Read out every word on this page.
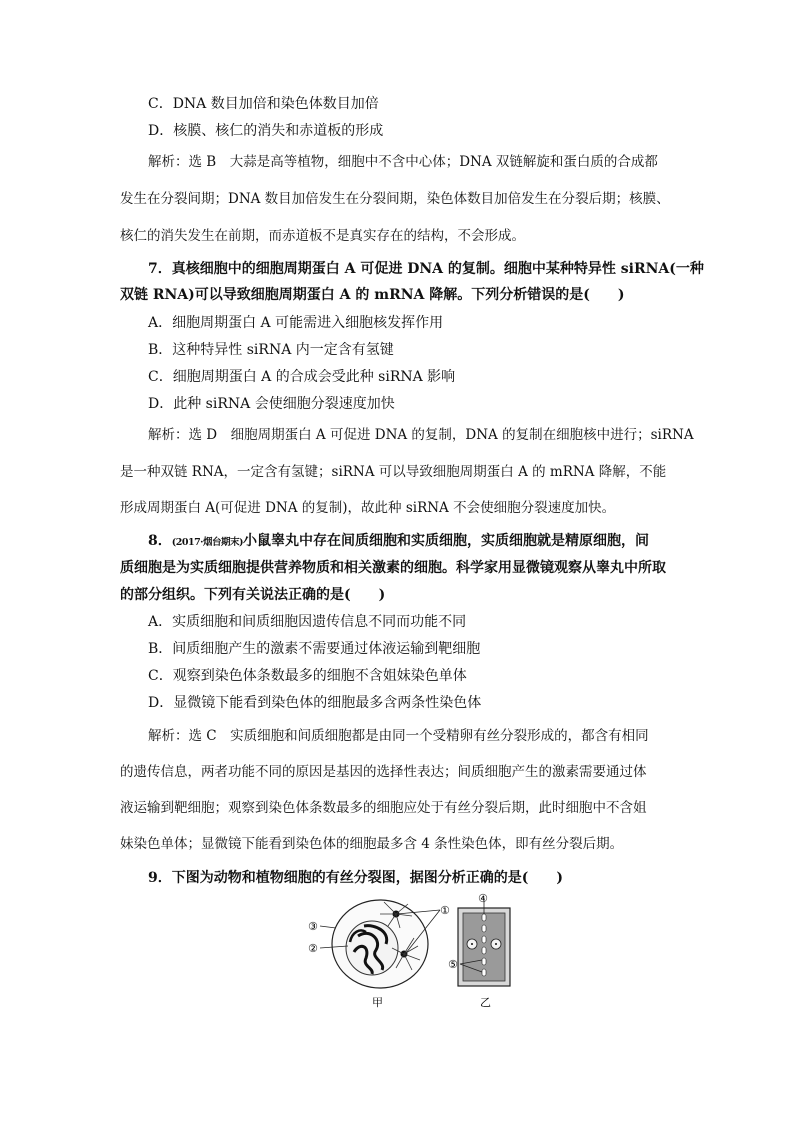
C．DNA 数目加倍和染色体数目加倍
D．核膜、核仁的消失和赤道板的形成
解析：选 B　 大蒜是高等植物，细胞中不含中心体；DNA 双链解旋和蛋白质的合成都
发生在分裂间期；DNA 数目加倍发生在分裂间期，染色体数目加倍发生在分裂后期；核膜、
核仁的消失发生在前期，而赤道板不是真实存在的结构，不会形成。
7．真核细胞中的细胞周期蛋白 A 可促进 DNA 的复制。细胞中某种特异性 siRNA(一种
双链 RNA)可以导致细胞周期蛋白 A 的 mRNA 降解。下列分析错误的是(　　)
A．细胞周期蛋白 A 可能需进入细胞核发挥作用
B．这种特异性 siRNA 内一定含有氢键
C．细胞周期蛋白 A 的合成会受此种 siRNA 影响
D．此种 siRNA 会使细胞分裂速度加快
解析：选 D　 细胞周期蛋白 A 可促进 DNA 的复制，DNA 的复制在细胞核中进行；siRNA
是一种双链 RNA，一定含有氢键；siRNA 可以导致细胞周期蛋白 A 的 mRNA 降解，不能
形成周期蛋白 A(可促进 DNA 的复制)，故此种 siRNA 不会使细胞分裂速度加快。
8．(2017·烟台期末)小鼠睾丸中存在间质细胞和实质细胞，实质细胞就是精原细胞，间
质细胞是为实质细胞提供营养物质和相关激素的细胞。科学家用显微镜观察从睾丸中所取
的部分组织。下列有关说法正确的是(　　)
A．实质细胞和间质细胞因遗传信息不同而功能不同
B．间质细胞产生的激素不需要通过体液运输到靶细胞
C．观察到染色体条数最多的细胞不含姐妹染色单体
D．显微镜下能看到染色体的细胞最多含两条性染色体
解析：选 C　 实质细胞和间质细胞都是由同一个受精卵有丝分裂形成的，都含有相同
的遗传信息，两者功能不同的原因是基因的选择性表达；间质细胞产生的激素需要通过体
液运输到靶细胞；观察到染色体条数最多的细胞应处于有丝分裂后期，此时细胞中不含姐
妹染色单体；显微镜下能看到染色体的细胞最多含 4 条性染色体，即有丝分裂后期。
9．下图为动物和植物细胞的有丝分裂图，据图分析正确的是(　　)
①
③
②
④
⑤
甲	乙
